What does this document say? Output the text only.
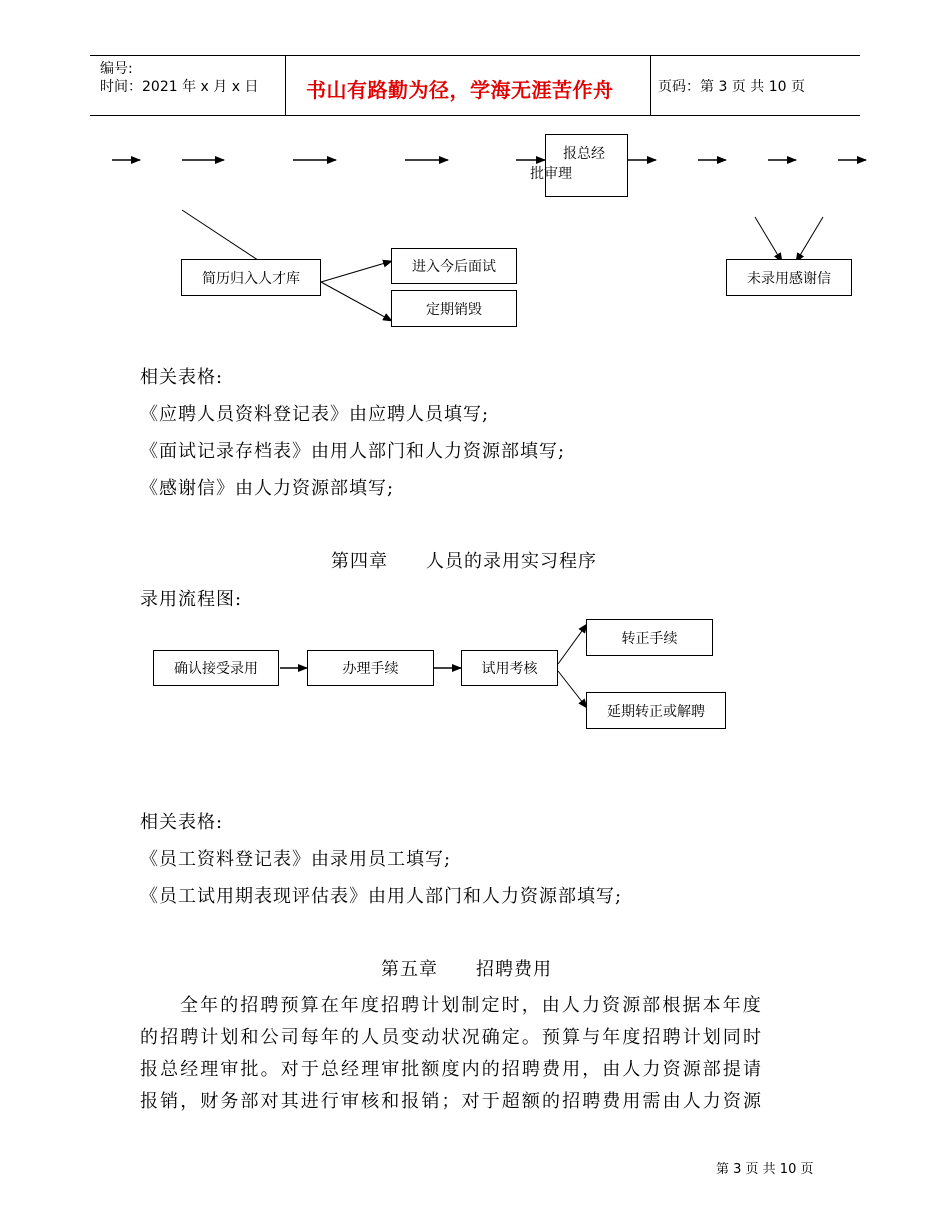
编号:
时间：2021 年 x 月 x 日 书山有路勤为径，学海无涯苦作舟	页码：第 3 页 共 10 页
报总经
批审理
简历归入人才库
进入今后面试
定期销毁
未录用感谢信
相关表格:
《应聘人员资料登记表》由应聘人员填写;
《面试记录存档表》由用人部门和人力资源部填写;
《感谢信》由人力资源部填写;
第四章　　人员的录用实习程序
录用流程图:
确认接受录用	办理手续	试用考核
转正手续
延期转正或解聘
相关表格:
《员工资料登记表》由录用员工填写;
《员工试用期表现评估表》由用人部门和人力资源部填写;
第五章　　招聘费用
全年的招聘预算在年度招聘计划制定时，由人力资源部根据本年度
的招聘计划和公司每年的人员变动状况确定。预算与年度招聘计划同时
报总经理审批。对于总经理审批额度内的招聘费用，由人力资源部提请
报销，财务部对其进行审核和报销；对于超额的招聘费用需由人力资源
第 3 页 共 10 页
